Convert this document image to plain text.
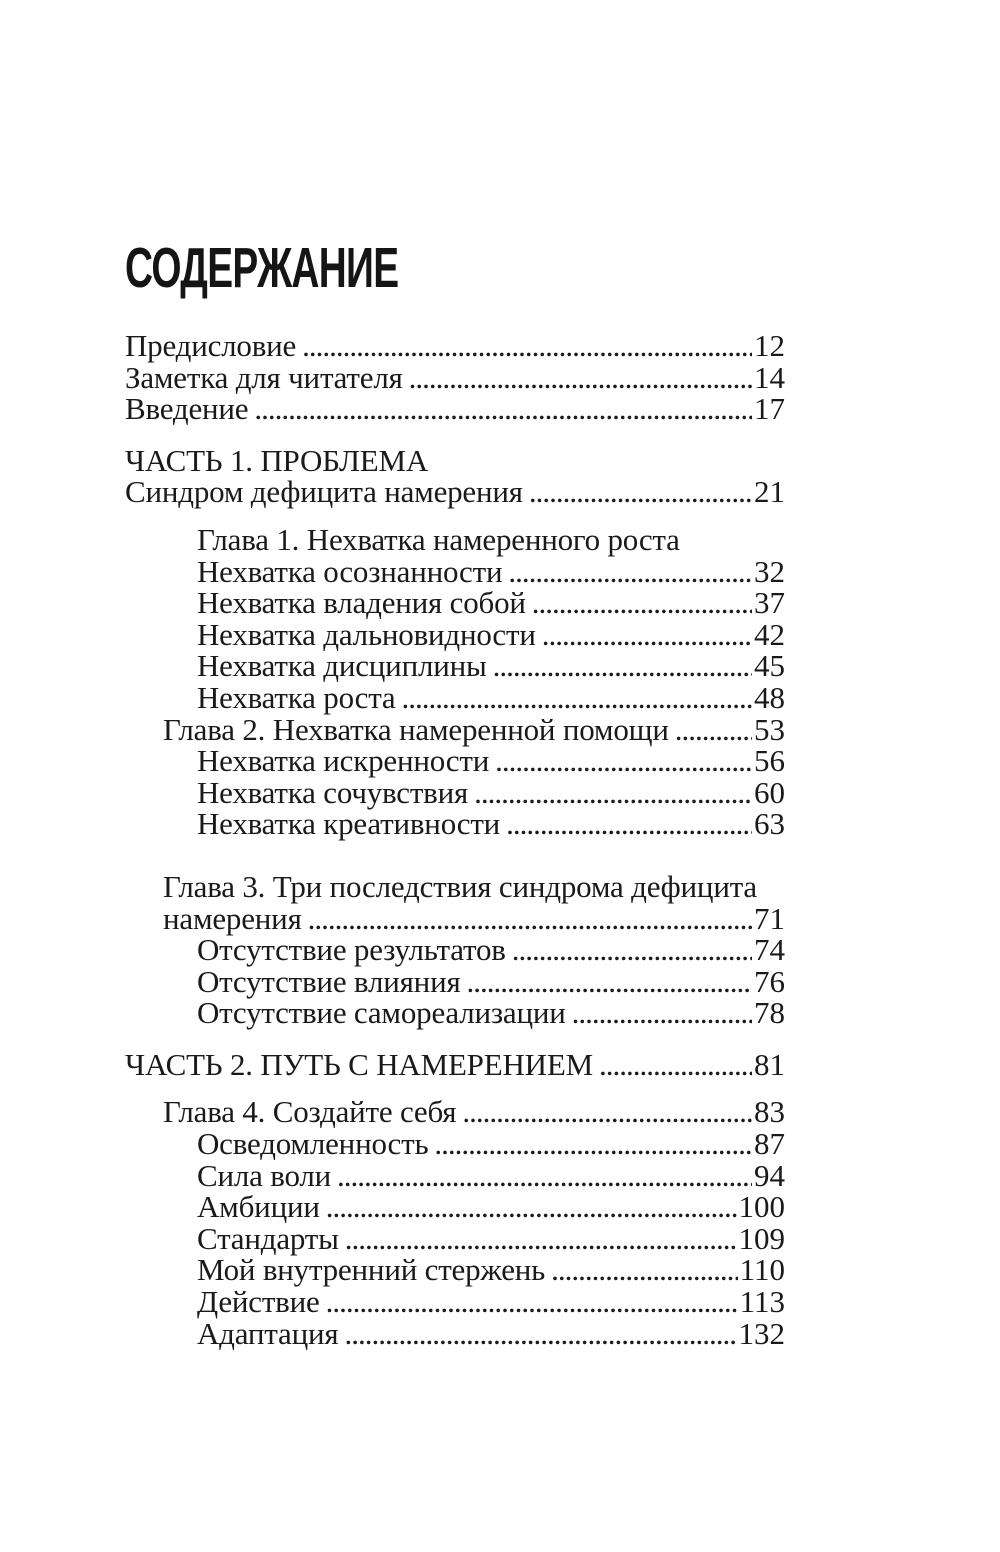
СОДЕРЖАНИЕ
Предисловие .....	12
Заметка для читателя .....	14
Введение .....	17
ЧАСТЬ 1. ПРОБЛЕМА
Синдром дефицита намерения .....	21
Глава 1. Нехватка намеренного роста
Нехватка осознанности .....	32
Нехватка владения собой .....	37
Нехватка дальновидности .....	42
Нехватка дисциплины .....	45
Нехватка роста .....	48
Глава 2. Нехватка намеренной помощи .....	53
Нехватка искренности .....	56
Нехватка сочувствия .....	60
Нехватка креативности .....	63
Глава 3. Три последствия синдрома дефицита
намерения .....	71
Отсутствие результатов .....	74
Отсутствие влияния .....	76
Отсутствие самореализации .....	78
ЧАСТЬ 2. ПУТЬ С НАМЕРЕНИЕМ .....	81
Глава 4. Создайте себя .....	83
Осведомленность .....	87
Сила воли .....	94
Амбиции .....	100
Стандарты .....	109
Мой внутренний стержень .....	110
Действие .....	113
Адаптация .....	132
